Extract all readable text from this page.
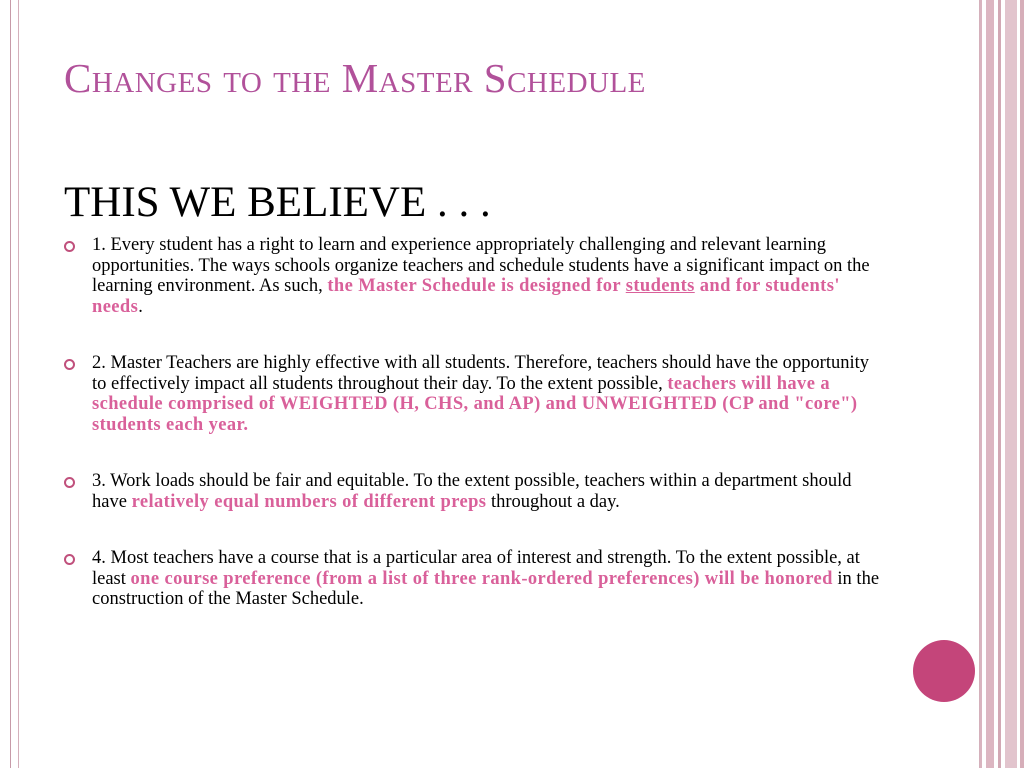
Changes to the Master Schedule
THIS WE BELIEVE . . .
1. Every student has a right to learn and experience appropriately challenging and relevant learning opportunities. The ways schools organize teachers and schedule students have a significant impact on the learning environment. As such, the Master Schedule is designed for students and for students' needs.
2. Master Teachers are highly effective with all students. Therefore, teachers should have the opportunity to effectively impact all students throughout their day. To the extent possible, teachers will have a schedule comprised of WEIGHTED (H, CHS, and AP) and UNWEIGHTED (CP and "core") students each year.
3. Work loads should be fair and equitable. To the extent possible, teachers within a department should have relatively equal numbers of different preps throughout a day.
4. Most teachers have a course that is a particular area of interest and strength. To the extent possible, at least one course preference (from a list of three rank-ordered preferences) will be honored in the construction of the Master Schedule.
